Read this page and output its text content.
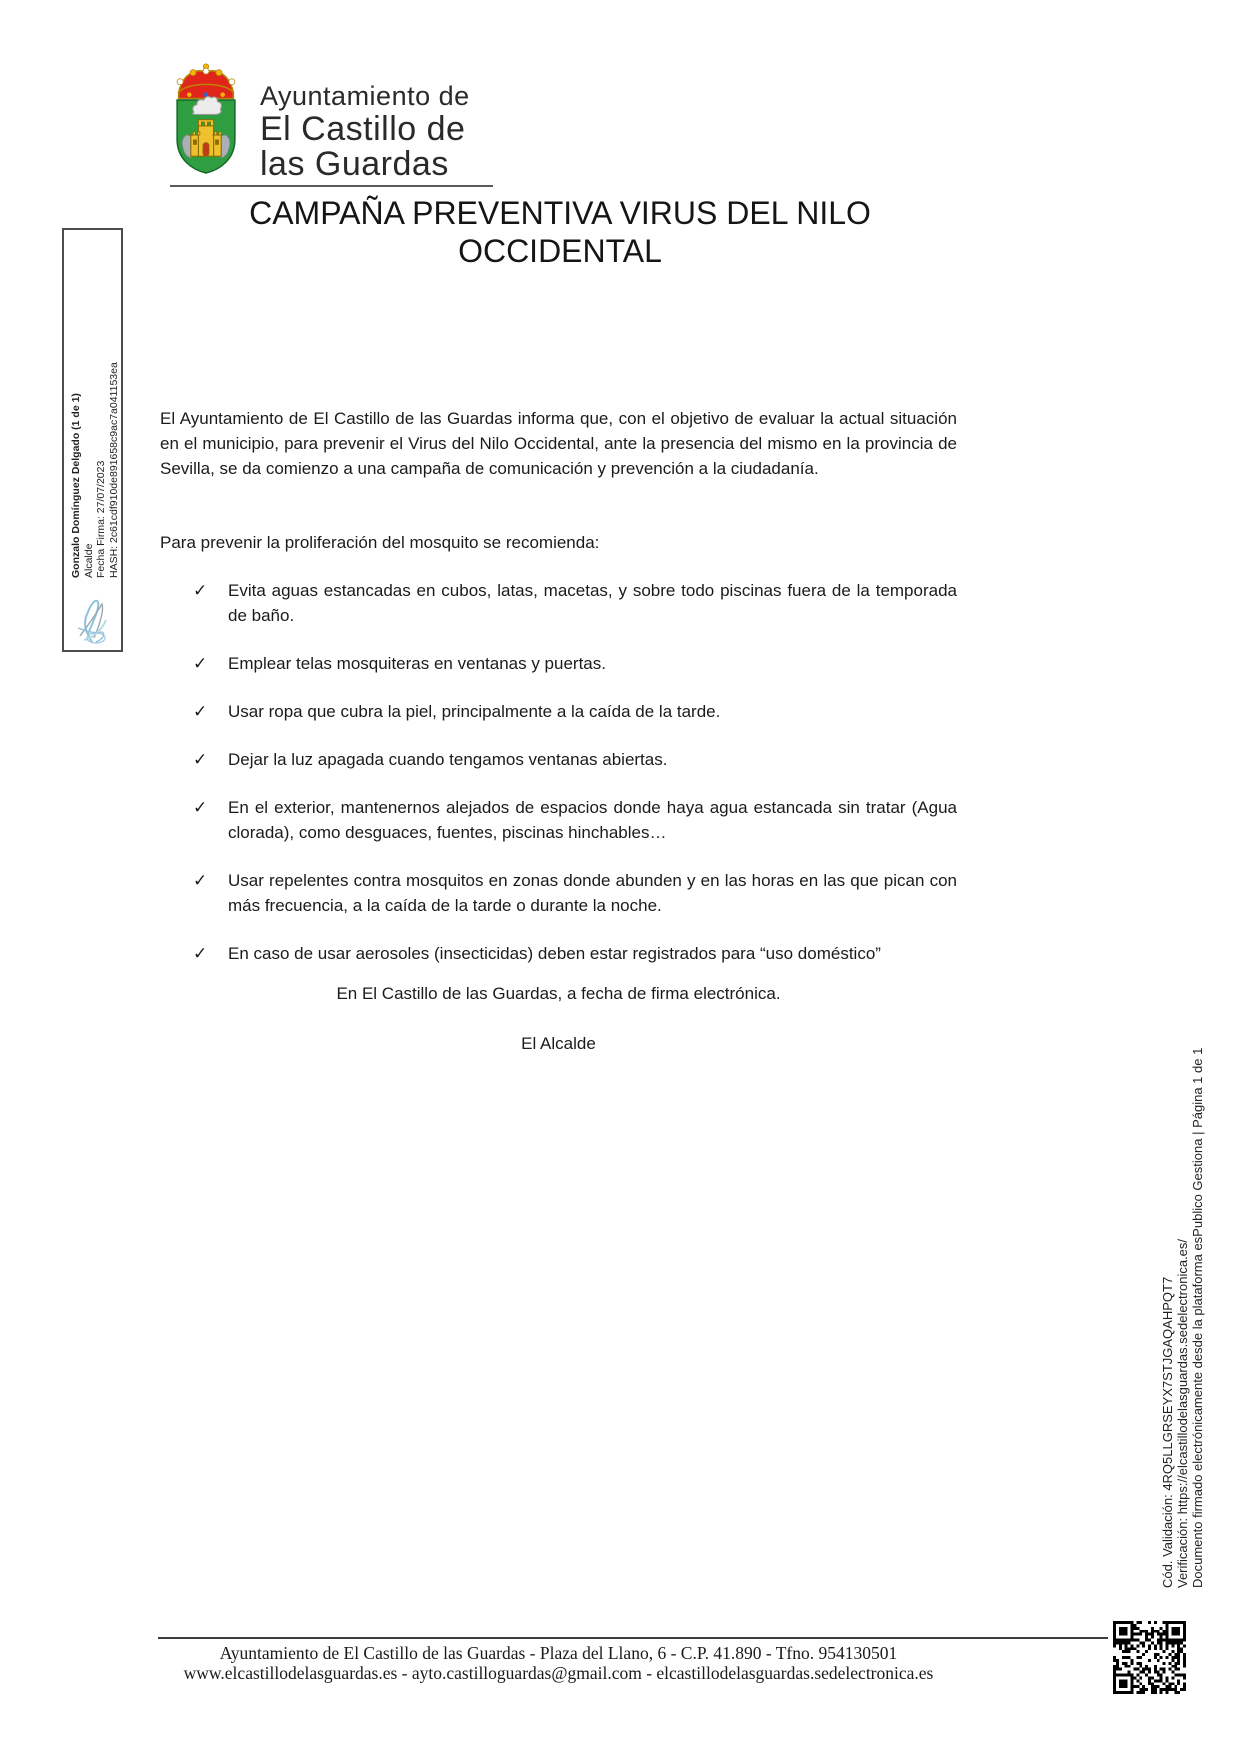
Ayuntamiento de
El Castillo de
las Guardas
CAMPAÑA PREVENTIVA VIRUS DEL NILO OCCIDENTAL

El Ayuntamiento de El Castillo de las Guardas informa que, con el objetivo de evaluar la actual situación en el municipio, para prevenir el Virus del Nilo Occidental, ante la presencia del mismo en la provincia de Sevilla, se da comienzo a una campaña de comunicación y prevención a la ciudadanía.

Para prevenir la proliferación del mosquito se recomienda:
✓ Evita aguas estancadas en cubos, latas, macetas, y sobre todo piscinas fuera de la temporada de baño.
✓ Emplear telas mosquiteras en ventanas y puertas.
✓ Usar ropa que cubra la piel, principalmente a la caída de la tarde.
✓ Dejar la luz apagada cuando tengamos ventanas abiertas.
✓ En el exterior, mantenernos alejados de espacios donde haya agua estancada sin tratar (Agua clorada), como desguaces, fuentes, piscinas hinchables…
✓ Usar repelentes contra mosquitos en zonas donde abunden y en las horas en las que pican con más frecuencia, a la caída de la tarde o durante la noche.
✓ En caso de usar aerosoles (insecticidas) deben estar registrados para “uso doméstico”
En El Castillo de las Guardas, a fecha de firma electrónica.
El Alcalde
Gonzalo Domínguez Delgado (1 de 1) Alcalde Fecha Firma: 27/07/2023 HASH: 2c61cdf910de891658c9ac7a041153ea
Cód. Validación: 4RQ5LLGRSEYX7STJGAQAHPQT7 Verificación: https://elcastillodelasguardas.sedelectronica.es/ Documento firmado electrónicamente desde la plataforma esPublico Gestiona | Página 1 de 1
Ayuntamiento de El Castillo de las Guardas - Plaza del Llano, 6 - C.P. 41.890 - Tfno. 954130501
www.elcastillodelasguardas.es - ayto.castilloguardas@gmail.com - elcastillodelasguardas.sedelectronica.es
